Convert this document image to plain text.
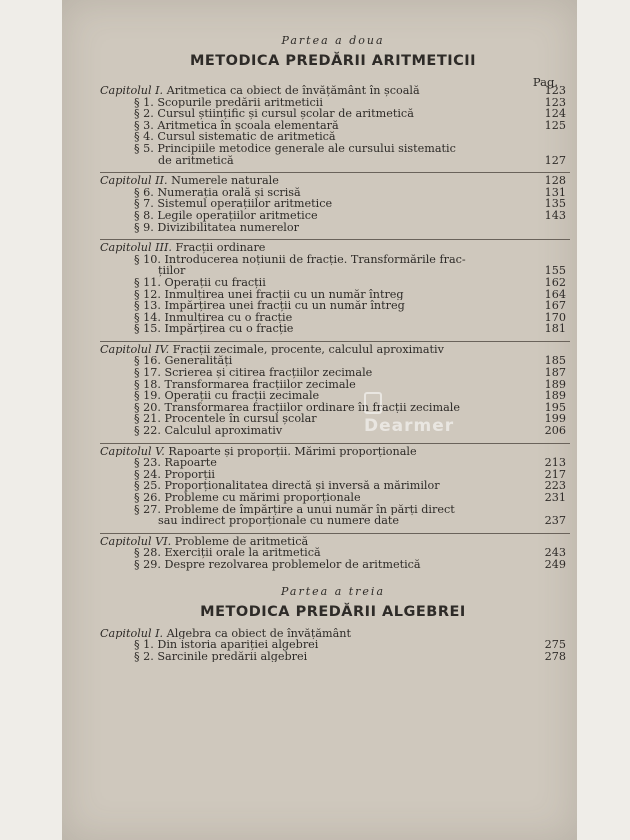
Partea a doua
METODICA PREDĂRII ARITMETICII
Pag.
Capitolul I. Aritmetica ca obiect de învățământ în școală	123
§ 1. Scopurile predării aritmeticii	123
§ 2. Cursul științific și cursul școlar de aritmetică	124
§ 3. Aritmetica în școala elementară	125
§ 4. Cursul sistematic de aritmetică
§ 5. Principiile metodice generale ale cursului sistematic
de aritmetică	127
Capitolul II. Numerele naturale	128
§ 6. Numerația orală și scrisă	131
§ 7. Sistemul operațiilor aritmetice	135
§ 8. Legile operațiilor aritmetice	143
§ 9. Divizibilitatea numerelor
Capitolul III. Fracții ordinare
§ 10. Introducerea noțiunii de fracție. Transformările frac-
țiilor	155
§ 11. Operații cu fracții	162
§ 12. Inmulțirea unei fracții cu un număr întreg	164
§ 13. Împărțirea unei fracții cu un număr întreg	167
§ 14. Inmulțirea cu o fracție	170
§ 15. Împărțirea cu o fracție	181
Capitolul IV. Fracții zecimale, procente, calculul aproximativ
§ 16. Generalități	185
§ 17. Scrierea și citirea fracțiilor zecimale	187
§ 18. Transformarea fracțiilor zecimale	189
§ 19. Operații cu fracții zecimale	189
§ 20. Transformarea fracțiilor ordinare în fracții zecimale	195
§ 21. Procentele în cursul școlar	199
§ 22. Calculul aproximativ	206
Capitolul V. Rapoarte și proporții. Mărimi proporționale
§ 23. Rapoarte	213
§ 24. Proporții	217
§ 25. Proporționalitatea directă și inversă a mărimilor	223
§ 26. Probleme cu mărimi proporționale	231
§ 27. Probleme de împărțire a unui număr în părți direct
sau indirect proporționale cu numere date	237
Capitolul VI. Probleme de aritmetică
§ 28. Exerciții orale la aritmetică	243
§ 29. Despre rezolvarea problemelor de aritmetică	249
Partea a treia
METODICA PREDĂRII ALGEBREI
Capitolul I. Algebra ca obiect de învățământ
§ 1. Din istoria apariției algebrei	275
§ 2. Sarcinile predării algebrei	278
Dearmer
